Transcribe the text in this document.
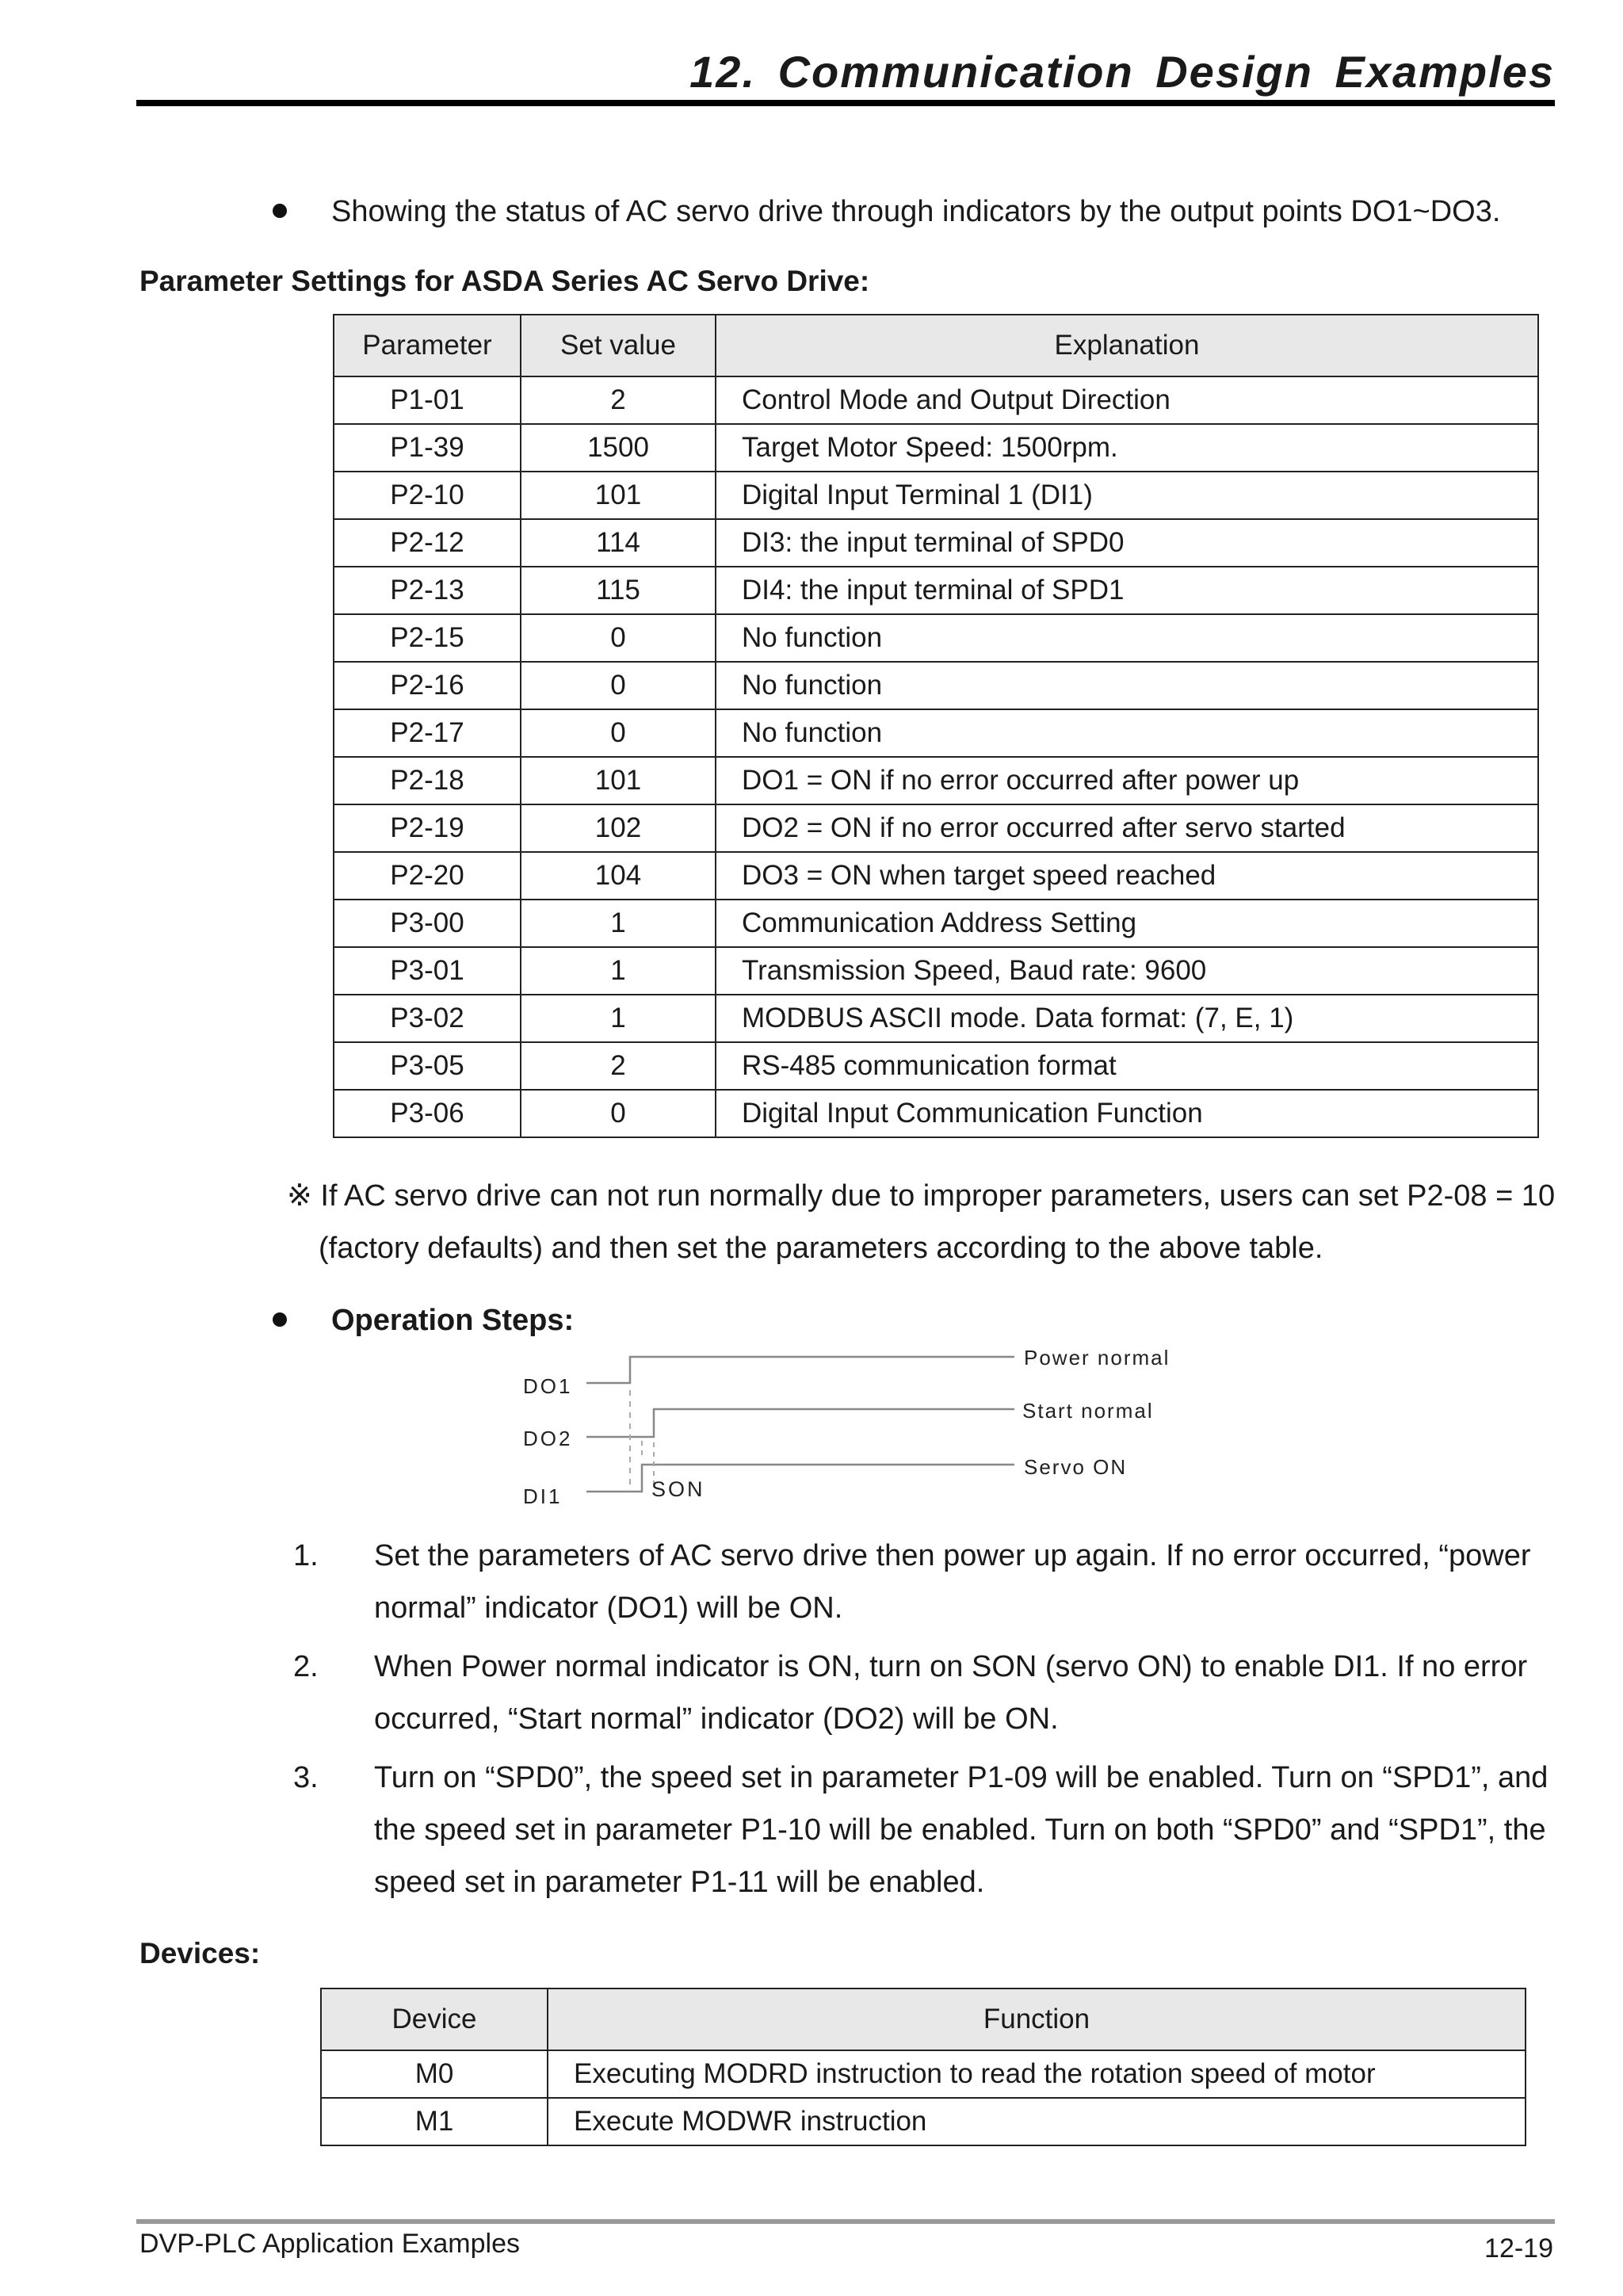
12. Communication Design Examples
Showing the status of AC servo drive through indicators by the output points DO1~DO3.
Parameter Settings for ASDA Series AC Servo Drive:
Parameter	Set value	Explanation
P1-01	2	Control Mode and Output Direction
P1-39	1500	Target Motor Speed: 1500rpm.
P2-10	101	Digital Input Terminal 1 (DI1)
P2-12	114	DI3: the input terminal of SPD0
P2-13	115	DI4: the input terminal of SPD1
P2-15	0	No function
P2-16	0	No function
P2-17	0	No function
P2-18	101	DO1 = ON if no error occurred after power up
P2-19	102	DO2 = ON if no error occurred after servo started
P2-20	104	DO3 = ON when target speed reached
P3-00	1	Communication Address Setting
P3-01	1	Transmission Speed, Baud rate: 9600
P3-02	1	MODBUS ASCII mode. Data format: (7, E, 1)
P3-05	2	RS-485 communication format
P3-06	0	Digital Input Communication Function
※ If AC servo drive can not run normally due to improper parameters, users can set P2-08 = 10
(factory defaults) and then set the parameters according to the above table.
Operation Steps:
DO1
DO2
DI1	SON
Power normal
Start normal
Servo ON
1. Set the parameters of AC servo drive then power up again. If no error occurred, “power normal” indicator (DO1) will be ON.
2. When Power normal indicator is ON, turn on SON (servo ON) to enable DI1. If no error occurred, “Start normal” indicator (DO2) will be ON.
3. Turn on “SPD0”, the speed set in parameter P1-09 will be enabled. Turn on “SPD1”, and the speed set in parameter P1-10 will be enabled. Turn on both “SPD0” and “SPD1”, the speed set in parameter P1-11 will be enabled.
Devices:
Device	Function
M0	Executing MODRD instruction to read the rotation speed of motor
M1	Execute MODWR instruction
DVP-PLC Application Examples	12-19
